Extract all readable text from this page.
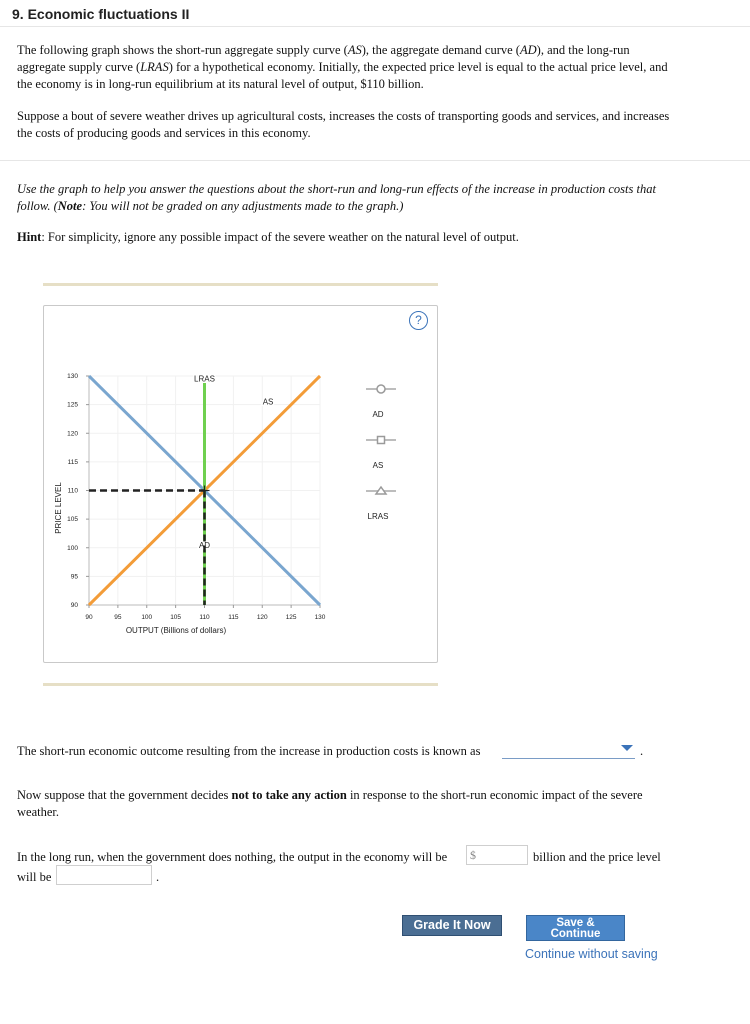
9. Economic fluctuations II
The following graph shows the short-run aggregate supply curve (AS), the aggregate demand curve (AD), and the long-run aggregate supply curve (LRAS) for a hypothetical economy. Initially, the expected price level is equal to the actual price level, and the economy is in long-run equilibrium at its natural level of output, $110 billion.
Suppose a bout of severe weather drives up agricultural costs, increases the costs of transporting goods and services, and increases the costs of producing goods and services in this economy.
Use the graph to help you answer the questions about the short-run and long-run effects of the increase in production costs that follow. (Note: You will not be graded on any adjustments made to the graph.)
Hint: For simplicity, ignore any possible impact of the severe weather on the natural level of output.
?
90	95	100	105	110	115	120	125	130
90
95
100
105
110
115
120
125
130
PRICE LEVEL
OUTPUT (Billions of dollars)
AD
AS
LRAS
AD
AS
LRAS
The short-run economic outcome resulting from the increase in production costs is known as	.
Now suppose that the government decides not to take any action in response to the short-run economic impact of the severe weather.
In the long run, when the government does nothing, the output in the economy will be	$	billion and the price level
will be	.
Grade It Now	Save &
Continue
Continue without saving
